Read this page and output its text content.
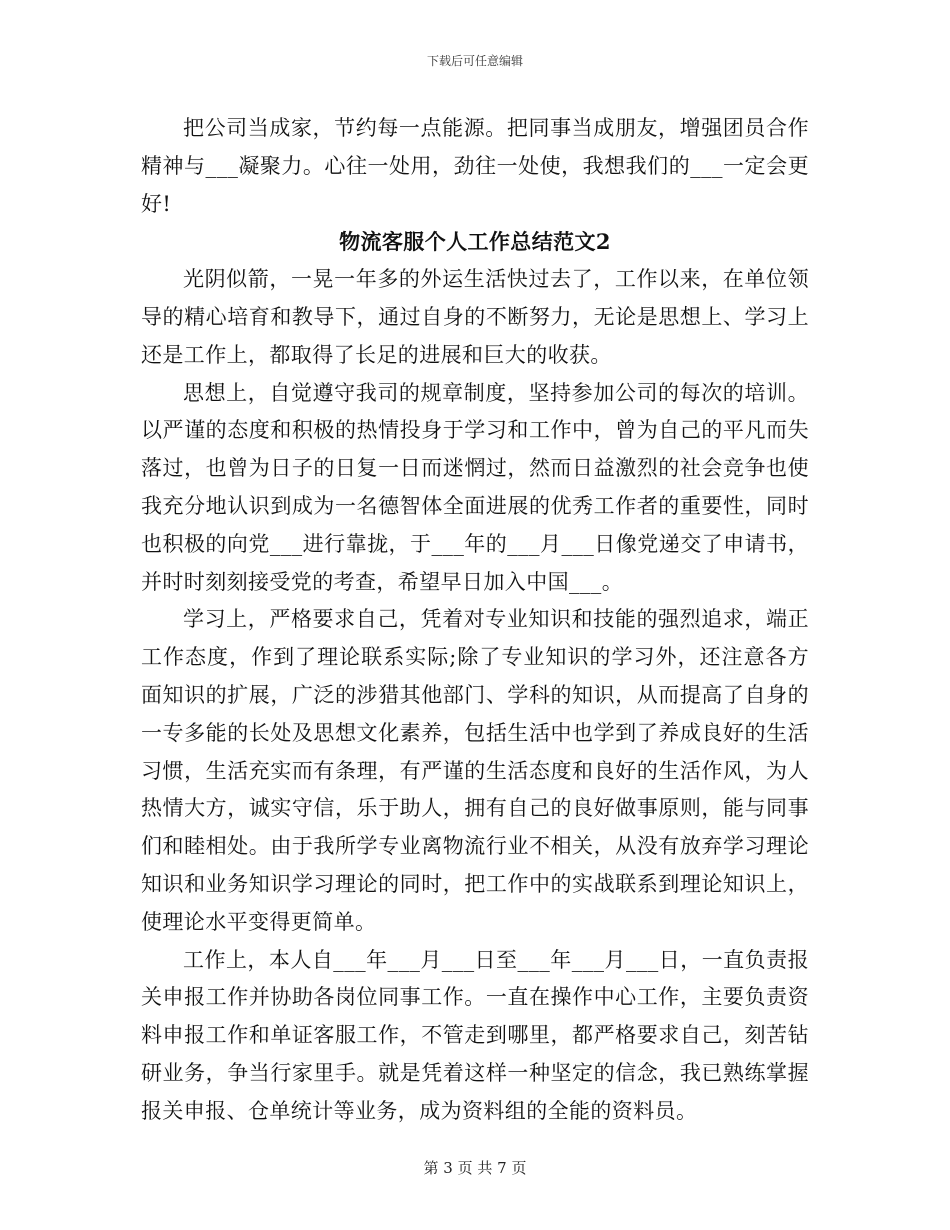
下载后可任意编辑

把公司当成家，节约每一点能源。把同事当成朋友，增强团员合作精神与___凝聚力。心往一处用，劲往一处使，我想我们的___一定会更好!

物流客服个人工作总结范文2

光阴似箭，一晃一年多的外运生活快过去了，工作以来，在单位领导的精心培育和教导下，通过自身的不断努力，无论是思想上、学习上还是工作上，都取得了长足的进展和巨大的收获。

思想上，自觉遵守我司的规章制度，坚持参加公司的每次的培训。以严谨的态度和积极的热情投身于学习和工作中，曾为自己的平凡而失落过，也曾为日子的日复一日而迷惘过，然而日益激烈的社会竞争也使我充分地认识到成为一名德智体全面进展的优秀工作者的重要性，同时也积极的向党___进行靠拢，于___年的___月___日像党递交了申请书，并时时刻刻接受党的考查，希望早日加入中国___。

学习上，严格要求自己，凭着对专业知识和技能的强烈追求，端正工作态度，作到了理论联系实际;除了专业知识的学习外，还注意各方面知识的扩展，广泛的涉猎其他部门、学科的知识，从而提高了自身的一专多能的长处及思想文化素养，包括生活中也学到了养成良好的生活习惯，生活充实而有条理，有严谨的生活态度和良好的生活作风，为人热情大方，诚实守信，乐于助人，拥有自己的良好做事原则，能与同事们和睦相处。由于我所学专业离物流行业不相关，从没有放弃学习理论知识和业务知识学习理论的同时，把工作中的实战联系到理论知识上，使理论水平变得更简单。

工作上，本人自___年___月___日至___年___月___日，一直负责报关申报工作并协助各岗位同事工作。一直在操作中心工作，主要负责资料申报工作和单证客服工作，不管走到哪里，都严格要求自己，刻苦钻研业务，争当行家里手。就是凭着这样一种坚定的信念，我已熟练掌握报关申报、仓单统计等业务，成为资料组的全能的资料员。

第 3 页 共 7 页
